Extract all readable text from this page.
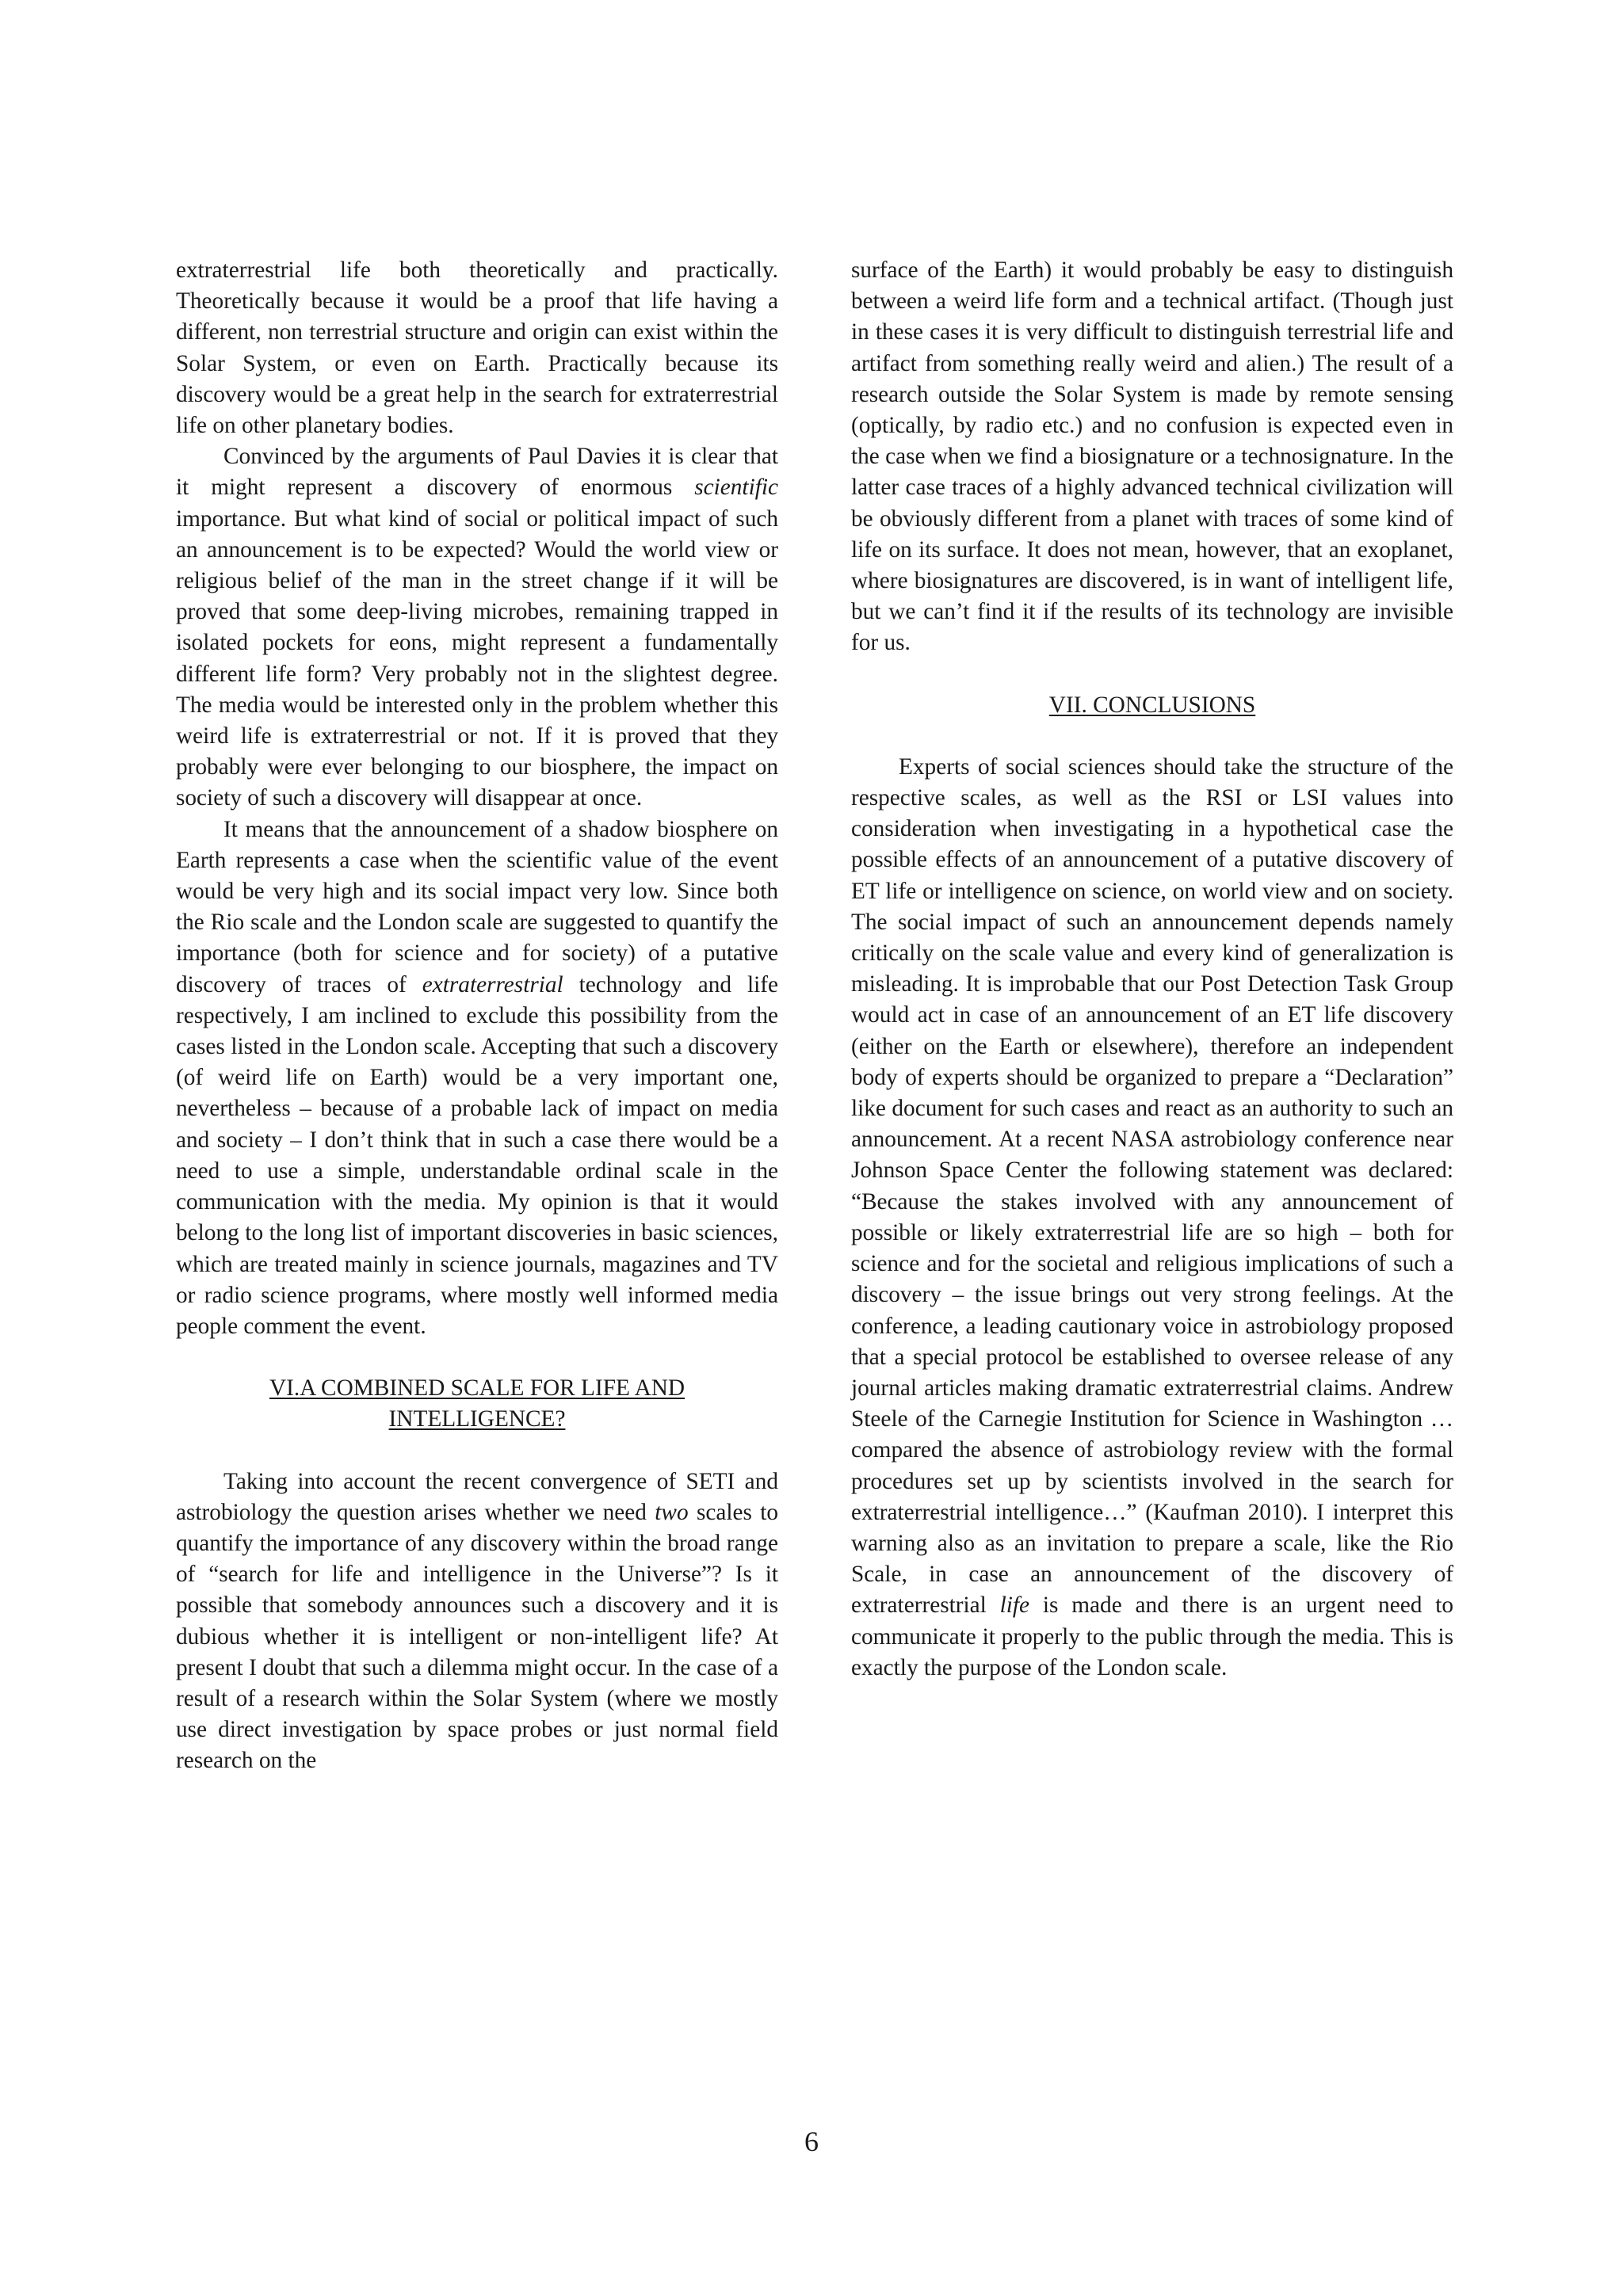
extraterrestrial life both theoretically and practically. Theoretically because it would be a proof that life having a different, non terrestrial structure and origin can exist within the Solar System, or even on Earth. Practically because its discovery would be a great help in the search for extraterrestrial life on other planetary bodies.

Convinced by the arguments of Paul Davies it is clear that it might represent a discovery of enormous scientific importance. But what kind of social or political impact of such an announcement is to be expected? Would the world view or religious belief of the man in the street change if it will be proved that some deep-living microbes, remaining trapped in isolated pockets for eons, might represent a fundamentally different life form? Very probably not in the slightest degree. The media would be interested only in the problem whether this weird life is extraterrestrial or not. If it is proved that they probably were ever belonging to our biosphere, the impact on society of such a discovery will disappear at once.

It means that the announcement of a shadow biosphere on Earth represents a case when the scientific value of the event would be very high and its social impact very low. Since both the Rio scale and the London scale are suggested to quantify the importance (both for science and for society) of a putative discovery of traces of extraterrestrial technology and life respectively, I am inclined to exclude this possibility from the cases listed in the London scale. Accepting that such a discovery (of weird life on Earth) would be a very important one, nevertheless – because of a probable lack of impact on media and society – I don’t think that in such a case there would be a need to use a simple, understandable ordinal scale in the communication with the media. My opinion is that it would belong to the long list of important discoveries in basic sciences, which are treated mainly in science journals, magazines and TV or radio science programs, where mostly well informed media people comment the event.

VI.A COMBINED SCALE FOR LIFE AND
INTELLIGENCE?

Taking into account the recent convergence of SETI and astrobiology the question arises whether we need two scales to quantify the importance of any discovery within the broad range of “search for life and intelligence in the Universe”? Is it possible that somebody announces such a discovery and it is dubious whether it is intelligent or non-intelligent life? At present I doubt that such a dilemma might occur. In the case of a result of a research within the Solar System (where we mostly use direct investigation by space probes or just normal field research on the

surface of the Earth) it would probably be easy to distinguish between a weird life form and a technical artifact. (Though just in these cases it is very difficult to distinguish terrestrial life and artifact from something really weird and alien.) The result of a research outside the Solar System is made by remote sensing (optically, by radio etc.) and no confusion is expected even in the case when we find a biosignature or a technosignature. In the latter case traces of a highly advanced technical civilization will be obviously different from a planet with traces of some kind of life on its surface. It does not mean, however, that an exoplanet, where biosignatures are discovered, is in want of intelligent life, but we can’t find it if the results of its technology are invisible for us.

VII. CONCLUSIONS

Experts of social sciences should take the structure of the respective scales, as well as the RSI or LSI values into consideration when investigating in a hypothetical case the possible effects of an announcement of a putative discovery of ET life or intelligence on science, on world view and on society. The social impact of such an announcement depends namely critically on the scale value and every kind of generalization is misleading. It is improbable that our Post Detection Task Group would act in case of an announcement of an ET life discovery (either on the Earth or elsewhere), therefore an independent body of experts should be organized to prepare a “Declaration” like document for such cases and react as an authority to such an announcement. At a recent NASA astrobiology conference near Johnson Space Center the following statement was declared: “Because the stakes involved with any announcement of possible or likely extraterrestrial life are so high – both for science and for the societal and religious implications of such a discovery – the issue brings out very strong feelings. At the conference, a leading cautionary voice in astrobiology proposed that a special protocol be established to oversee release of any journal articles making dramatic extraterrestrial claims. Andrew Steele of the Carnegie Institution for Science in Washington … compared the absence of astrobiology review with the formal procedures set up by scientists involved in the search for extraterrestrial intelligence…” (Kaufman 2010). I interpret this warning also as an invitation to prepare a scale, like the Rio Scale, in case an announcement of the discovery of extraterrestrial life is made and there is an urgent need to communicate it properly to the public through the media. This is exactly the purpose of the London scale.

6
